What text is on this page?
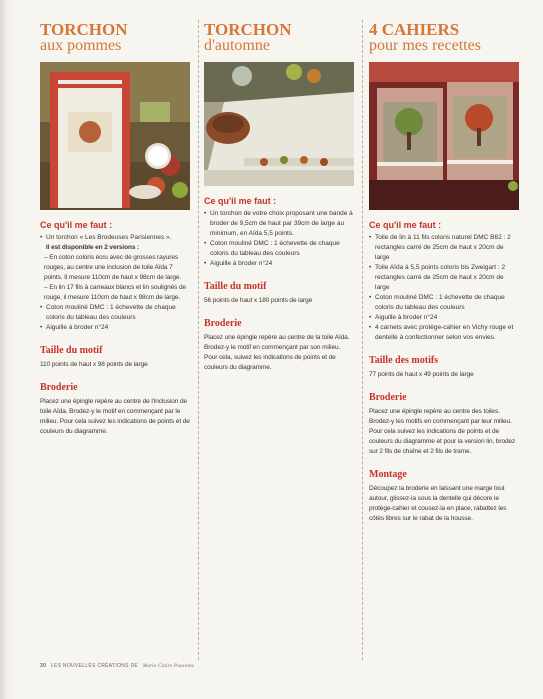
TORCHON
aux pommes
Ce qu'il me faut :
• Un torchon « Les Brodeuses Parisiennes ».

Il est disponible en 2 versions :

– En coton coloris écru avec de grosses rayures rouges, au centre une inclusion de toile Aïda 7 points. Il mesure 110cm de haut x 98cm de large.

– En lin 17 fils à carreaux blancs et lin soulignés de rouge, il mesure 110cm de haut x 98cm de large.

• Coton mouliné DMC : 1 échevette de chaque coloris du tableau des couleurs
• Aiguille à broder n°24
Taille du motif

110 points de haut x 98 points de large

Broderie

Placez une épingle repère au centre de l'inclusion de toile Aïda. Brodez-y le motif en commençant par le milieu. Pour cela suivez les indications de points et de couleurs du diagramme.

TORCHON
d'automne
Ce qu'il me faut :
• Un torchon de votre choix proposant une bande à broder de 9,5cm de haut par 39cm de large au minimum, en Aïda 5,5 points.
• Coton mouliné DMC : 1 échevette de chaque coloris du tableau des couleurs
• Aiguille à broder n°24
Taille du motif

56 points de haut x 180 points de large

Broderie

Placez une épingle repère au centre de la toile Aïda. Brodez-y le motif en commençant par son milieu. Pour cela, suivez les indications de points et de couleurs du diagramme.

4 CAHIERS
pour mes recettes
Ce qu'il me faut :
• Toile de lin à 11 fils coloris naturel DMC B62 : 2 rectangles carré de 25cm de haut x 20cm de large
• Toile Aïda à 5,5 points coloris bis Zweigart : 2 rectangles carré de 25cm de haut x 20cm de large
• Coton mouliné DMC : 1 échevette de chaque coloris du tableau des couleurs
• Aiguille à broder n°24
• 4 carnets avec protège-cahier en Vichy rouge et dentelle à confectionner selon vos envies.
Taille des motifs

77 points de haut x 49 points de large

Broderie

Placez une épingle repère au centre des toiles. Brodez-y les motifs en commençant par leur milieu. Pour cela suivez les indications de points et de couleurs du diagramme et pour la version lin, brodez sur 2 fils de chaîne et 2 fils de trame.

Montage

Découpez la broderie en laissant une marge tout autour, glissez-la sous la dentelle qui décore le protège-cahier et cousez-la en place, rabattez les côtés libres sur le rabat de la housse.

30 LES NOUVELLES CRÉATIONS DE Marie Claire Passions
